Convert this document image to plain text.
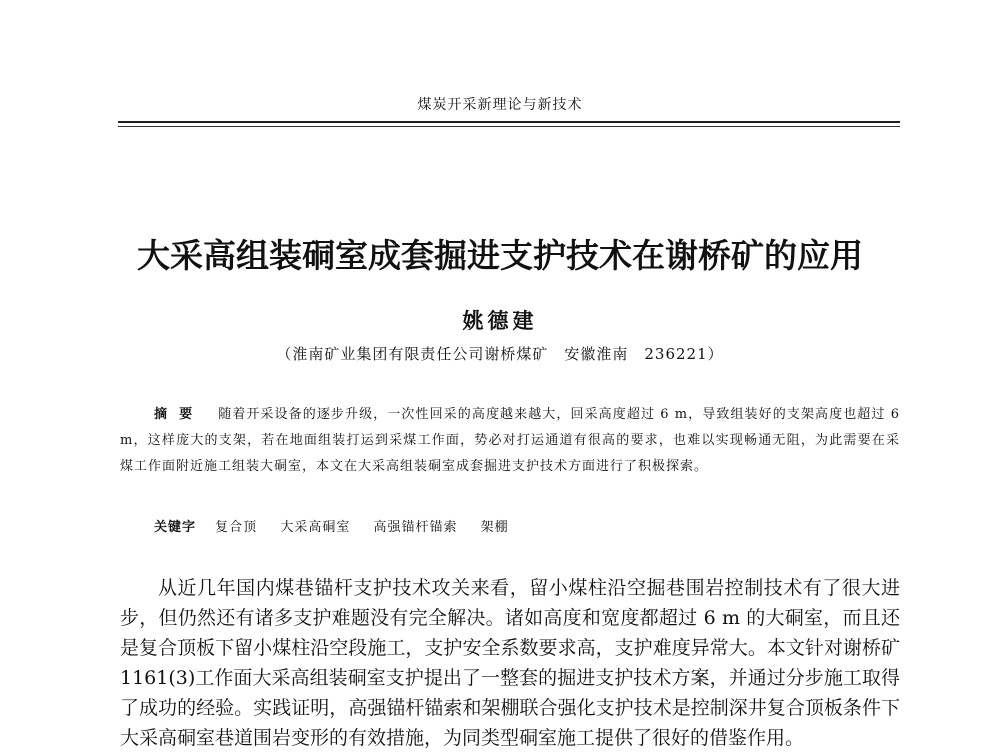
煤炭开采新理论与新技术
大采高组装硐室成套掘进支护技术在谢桥矿的应用
姚德建
（淮南矿业集团有限责任公司谢桥煤矿　安徽淮南　236221）
摘要 随着开采设备的逐步升级，一次性回采的高度越来越大，回采高度超过 6 m，导致组装好的支架高度也超过 6 m，这样庞大的支架，若在地面组装打运到采煤工作面，势必对打运通道有很高的要求，也难以实现畅通无阻，为此需要在采煤工作面附近施工组装大硐室，本文在大采高组装硐室成套掘进支护技术方面进行了积极探索。
关键字 复合顶 大采高硐室 高强锚杆锚索 架棚

从近几年国内煤巷锚杆支护技术攻关来看，留小煤柱沿空掘巷围岩控制技术有了很大进步，但仍然还有诸多支护难题没有完全解决。诸如高度和宽度都超过 6 m 的大硐室，而且还是复合顶板下留小煤柱沿空段施工，支护安全系数要求高，支护难度异常大。本文针对谢桥矿1161(3)工作面大采高组装硐室支护提出了一整套的掘进支护技术方案，并通过分步施工取得了成功的经验。实践证明，高强锚杆锚索和架棚联合强化支护技术是控制深井复合顶板条件下大采高硐室巷道围岩变形的有效措施，为同类型硐室施工提供了很好的借鉴作用。
